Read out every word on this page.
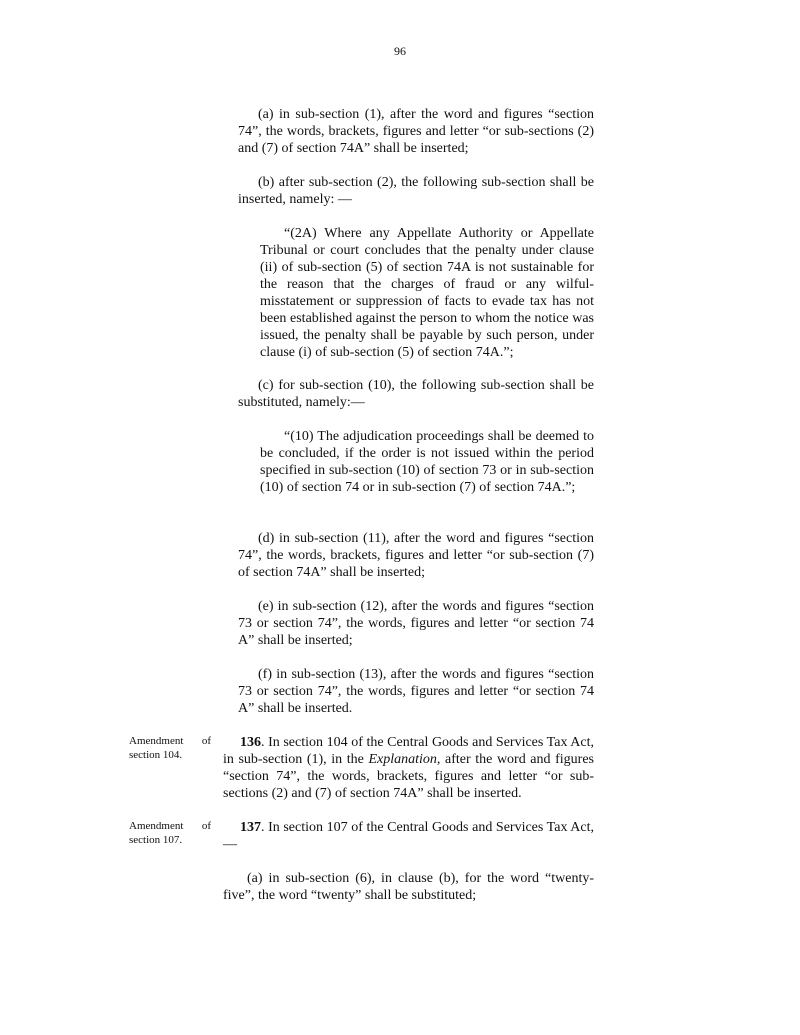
96

(a) in sub-section (1), after the word and figures “section 74”, the words, brackets, figures and letter “or sub-sections (2) and (7) of section 74A” shall be inserted;

(b) after sub-section (2), the following sub-section shall be inserted, namely: —

“(2A) Where any Appellate Authority or Appellate Tribunal or court concludes that the penalty under clause (ii) of sub-section (5) of section 74A is not sustainable for the reason that the charges of fraud or any wilful-misstatement or suppression of facts to evade tax has not been established against the person to whom the notice was issued, the penalty shall be payable by such person, under clause (i) of sub-section (5) of section 74A.”;

(c) for sub-section (10), the following sub-section shall be substituted, namely:—

“(10) The adjudication proceedings shall be deemed to be concluded, if the order is not issued within the period specified in sub-section (10) of section 73 or in sub-section (10) of section 74 or in sub-section (7) of section 74A.”;

(d) in sub-section (11), after the word and figures “section 74”, the words, brackets, figures and letter “or sub-section (7) of section 74A” shall be inserted;

(e) in sub-section (12), after the words and figures “section 73 or section 74”, the words, figures and letter “or section 74 A” shall be inserted;

(f) in sub-section (13), after the words and figures “section 73 or section 74”, the words, figures and letter “or section 74 A” shall be inserted.

Amendment of
section 104.

136. In section 104 of the Central Goods and Services Tax Act, in sub-section (1), in the Explanation, after the word and figures “section 74”, the words, brackets, figures and letter “or sub-sections (2) and (7) of section 74A” shall be inserted.

Amendment of
section 107.

137. In section 107 of the Central Goods and Services Tax Act, —

(a) in sub-section (6), in clause (b), for the word “twenty-five”, the word “twenty” shall be substituted;
